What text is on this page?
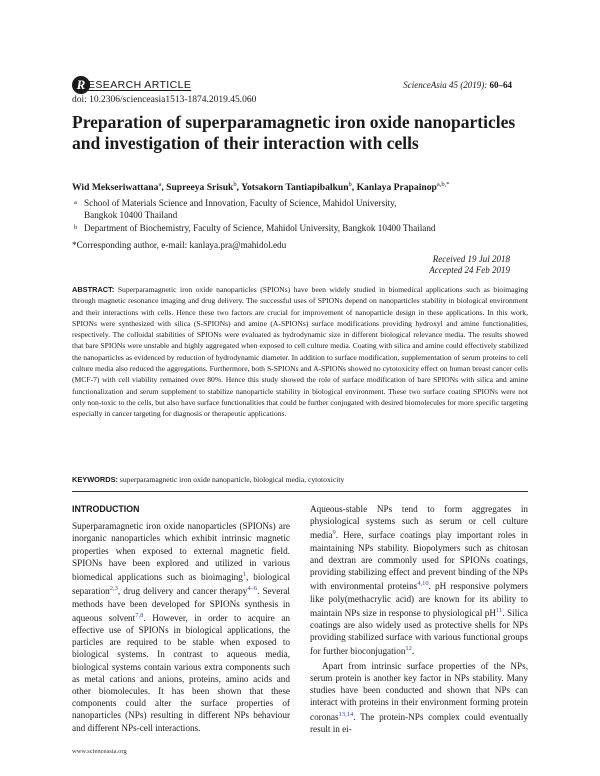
R ESEARCH ARTICLE	ScienceAsia 45 (2019): 60–64
doi: 10.2306/scienceasia1513-1874.2019.45.060
Preparation of superparamagnetic iron oxide nanoparticles and investigation of their interaction with cells
Wid Mekseriwattana$^a$, Supreeya Srisuk$^b$, Yotsakorn Tantiapibalkun$^b$, Kanlaya Prapainop$^{a,b,*}$
a School of Materials Science and Innovation, Faculty of Science, Mahidol University,
Bangkok 10400 Thailand
b Department of Biochemistry, Faculty of Science, Mahidol University, Bangkok 10400 Thailand
*Corresponding author, e-mail: kanlaya.pra@mahidol.edu
Received 19 Jul 2018
Accepted 24 Feb 2019

ABSTRACT: Superparamagnetic iron oxide nanoparticles (SPIONs) have been widely studied in biomedical applications such as bioimaging through magnetic resonance imaging and drug delivery. The successful uses of SPIONs depend on nanoparticles stability in biological environment and their interactions with cells. Hence these two factors are crucial for improvement of nanoparticle design in these applications. In this work, SPIONs were synthesized with silica (S-SPIONs) and amine (A-SPIONs) surface modifications providing hydroxyl and amine functionalities, respectively. The colloidal stabilities of SPIONs were evaluated as hydrodynamic size in different biological relevance media. The results showed that bare SPIONs were unstable and highly aggregated when exposed to cell culture media. Coating with silica and amine could effectively stabilized the nanoparticles as evidenced by reduction of hydrodynamic diameter. In addition to surface modification, supplementation of serum proteins to cell culture media also reduced the aggregations. Furthermore, both S-SPIONs and A-SPIONs showed no cytotoxicity effect on human breast cancer cells (MCF-7) with cell viability remained over 80%. Hence this study showed the role of surface modification of bare SPIONs with silica and amine functionalization and serum supplement to stabilize nanoparticle stability in biological environment. These two surface coating SPIONs were not only non-toxic to the cells, but also have surface functionalities that could be further conjugated with desired biomolecules for more specific targeting especially in cancer targeting for diagnosis or therapeutic applications.

KEYWORDS: superparamagnetic iron oxide nanoparticle, biological media, cytotoxicity
INTRODUCTION

Superparamagnetic iron oxide nanoparticles (SPIONs) are inorganic nanoparticles which exhibit intrinsic magnetic properties when exposed to external magnetic field. SPIONs have been explored and utilized in various biomedical applications such as bioimaging$^1$, biological separation$^{2,3}$, drug delivery and cancer therapy$^{4-6}$. Several methods have been developed for SPIONs synthesis in aqueous solvent$^{7,8}$. However, in order to acquire an effective use of SPIONs in biological applications, the particles are required to be stable when exposed to biological systems. In contrast to aqueous media, biological systems contain various extra components such as metal cations and anions, proteins, amino acids and other biomolecules. It has been shown that these components could alter the surface properties of nanoparticles (NPs) resulting in different NPs behaviour and different NPs-cell interactions.

Aqueous-stable NPs tend to form aggregates in physiological systems such as serum or cell culture media$^9$. Here, surface coatings play important roles in maintaining NPs stability. Biopolymers such as chitosan and dextran are commonly used for SPIONs coatings, providing stabilizing effect and prevent binding of the NPs with environmental proteins$^{4,10}$. pH responsive polymers like poly(methacrylic acid) are known for its ability to maintain NPs size in response to physiological pH$^{11}$. Silica coatings are also widely used as protective shells for NPs providing stabilized surface with various functional groups for further bioconjugation$^{12}$.

Apart from intrinsic surface properties of the NPs, serum protein is another key factor in NPs stability. Many studies have been conducted and shown that NPs can interact with proteins in their environment forming protein coronas$^{13,14}$. The protein-NPs complex could eventually result in ei-

www.scienceasia.org
